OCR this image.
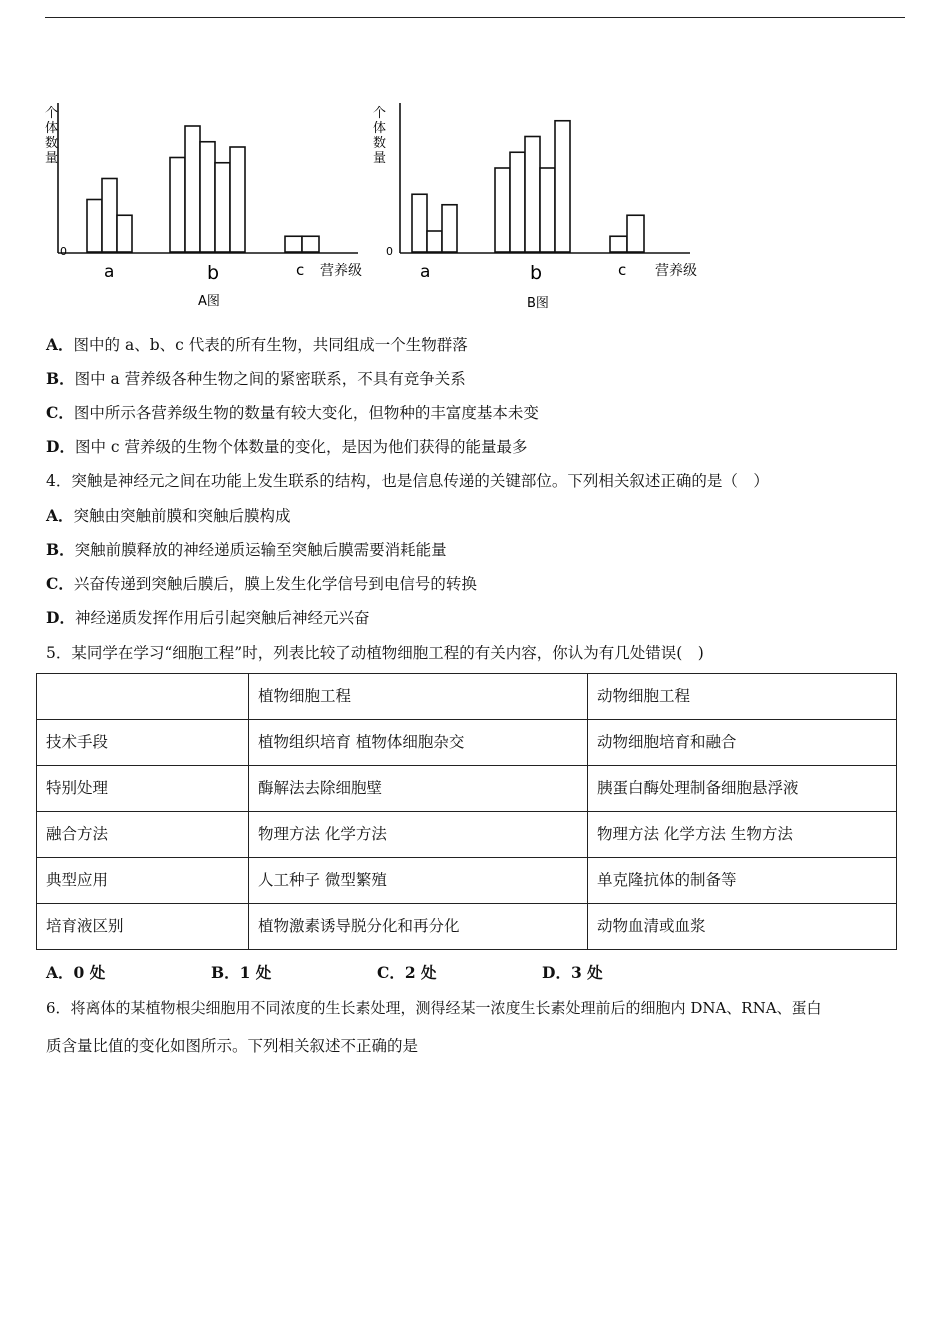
个
体
数
量
0
a	b	c 营养级
A图
个
体
数
量
0
a	b	c 营养级
B图
A．图中的 a、b、c 代表的所有生物，共同组成一个生物群落
B．图中 a 营养级各种生物之间的紧密联系，不具有竞争关系
C．图中所示各营养级生物的数量有较大变化，但物种的丰富度基本未变
D．图中 c 营养级的生物个体数量的变化，是因为他们获得的能量最多
4．突触是神经元之间在功能上发生联系的结构，也是信息传递的关键部位。下列相关叙述正确的是（　）
A．突触由突触前膜和突触后膜构成
B．突触前膜释放的神经递质运输至突触后膜需要消耗能量
C．兴奋传递到突触后膜后，膜上发生化学信号到电信号的转换
D．神经递质发挥作用后引起突触后神经元兴奋
5．某同学在学习“细胞工程”时，列表比较了动植物细胞工程的有关内容，你认为有几处错误(　)
	植物细胞工程	动物细胞工程
技术手段	植物组织培育 植物体细胞杂交	动物细胞培育和融合
特别处理	酶解法去除细胞壁	胰蛋白酶处理制备细胞悬浮液
融合方法	物理方法 化学方法	物理方法 化学方法 生物方法
典型应用	人工种子 微型繁殖	单克隆抗体的制备等
培育液区别	植物激素诱导脱分化和再分化	动物血清或血浆
A．0 处	B．1 处	C．2 处	D．3 处
6．将离体的某植物根尖细胞用不同浓度的生长素处理，测得经某一浓度生长素处理前后的细胞内 DNA、RNA、蛋白
质含量比值的变化如图所示。下列相关叙述不正确的是
